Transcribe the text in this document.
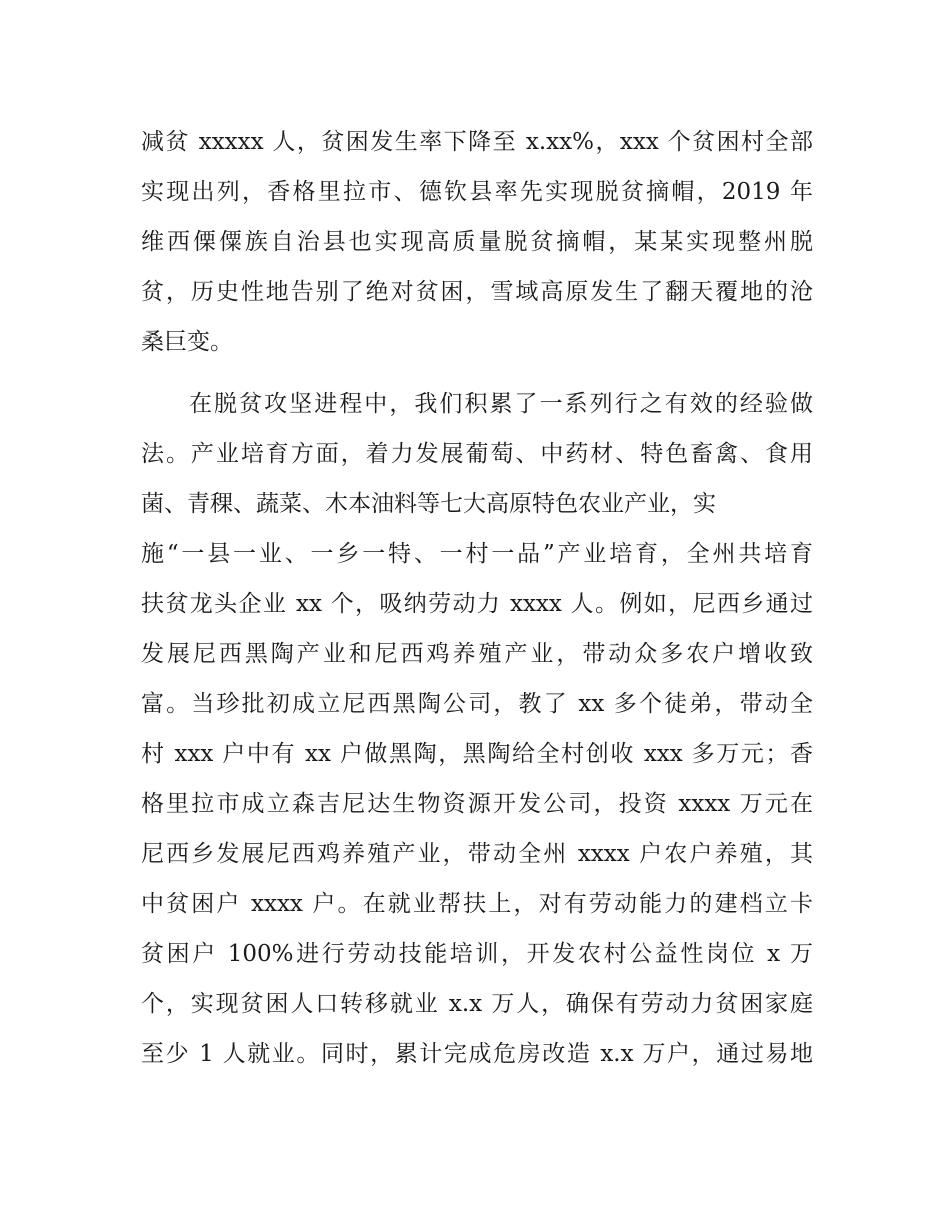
减贫 xxxxx 人，贫困发生率下降至 x.xx%，xxx 个贫困村全部
实现出列，香格里拉市、德钦县率先实现脱贫摘帽，2019 年
维西傈僳族自治县也实现高质量脱贫摘帽，某某实现整州脱
贫，历史性地告别了绝对贫困，雪域高原发生了翻天覆地的沧
桑巨变。
在脱贫攻坚进程中，我们积累了一系列行之有效的经验做
法。产业培育方面，着力发展葡萄、中药材、特色畜禽、食用
菌、青稞、蔬菜、木本油料等七大高原特色农业产业，实
施“一县一业、一乡一特、一村一品”产业培育，全州共培育
扶贫龙头企业 xx 个，吸纳劳动力 xxxx 人。例如，尼西乡通过
发展尼西黑陶产业和尼西鸡养殖产业，带动众多农户增收致
富。当珍批初成立尼西黑陶公司，教了 xx 多个徒弟，带动全
村 xxx 户中有 xx 户做黑陶，黑陶给全村创收 xxx 多万元；香
格里拉市成立森吉尼达生物资源开发公司，投资 xxxx 万元在
尼西乡发展尼西鸡养殖产业，带动全州 xxxx 户农户养殖，其
中贫困户 xxxx 户。在就业帮扶上，对有劳动能力的建档立卡
贫困户 100%进行劳动技能培训，开发农村公益性岗位 x 万
个，实现贫困人口转移就业 x.x 万人，确保有劳动力贫困家庭
至少 1 人就业。同时，累计完成危房改造 x.x 万户，通过易地
